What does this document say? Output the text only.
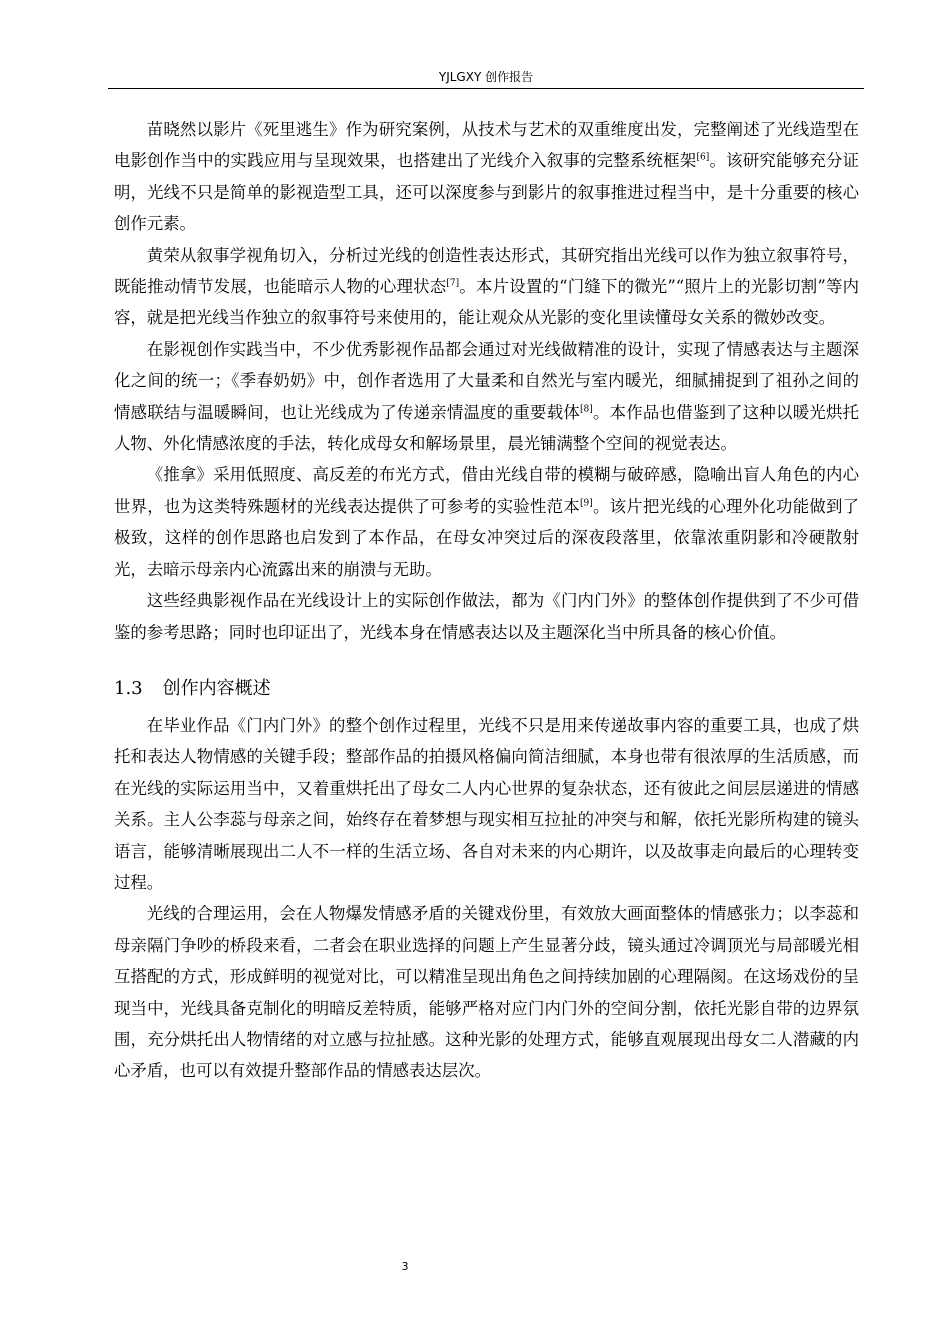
YJLGXY 创作报告

苗晓然以影片《死里逃生》作为研究案例，从技术与艺术的双重维度出发，完整阐述了光线造型在电影创作当中的实践应用与呈现效果，也搭建出了光线介入叙事的完整系统框架[6]。该研究能够充分证明，光线不只是简单的影视造型工具，还可以深度参与到影片的叙事推进过程当中，是十分重要的核心创作元素。

黄荣从叙事学视角切入，分析过光线的创造性表达形式，其研究指出光线可以作为独立叙事符号，既能推动情节发展，也能暗示人物的心理状态[7]。本片设置的“门缝下的微光”“照片上的光影切割”等内容，就是把光线当作独立的叙事符号来使用的，能让观众从光影的变化里读懂母女关系的微妙改变。

在影视创作实践当中，不少优秀影视作品都会通过对光线做精准的设计，实现了情感表达与主题深化之间的统一；《季春奶奶》中，创作者选用了大量柔和自然光与室内暖光，细腻捕捉到了祖孙之间的情感联结与温暖瞬间，也让光线成为了传递亲情温度的重要载体[8]。本作品也借鉴到了这种以暖光烘托人物、外化情感浓度的手法，转化成母女和解场景里，晨光铺满整个空间的视觉表达。

《推拿》采用低照度、高反差的布光方式，借由光线自带的模糊与破碎感，隐喻出盲人角色的内心世界，也为这类特殊题材的光线表达提供了可参考的实验性范本[9]。该片把光线的心理外化功能做到了极致，这样的创作思路也启发到了本作品，在母女冲突过后的深夜段落里，依靠浓重阴影和冷硬散射光，去暗示母亲内心流露出来的崩溃与无助。

这些经典影视作品在光线设计上的实际创作做法，都为《门内门外》的整体创作提供到了不少可借鉴的参考思路；同时也印证出了，光线本身在情感表达以及主题深化当中所具备的核心价值。

1.3 创作内容概述

在毕业作品《门内门外》的整个创作过程里，光线不只是用来传递故事内容的重要工具，也成了烘托和表达人物情感的关键手段；整部作品的拍摄风格偏向简洁细腻，本身也带有很浓厚的生活质感，而在光线的实际运用当中，又着重烘托出了母女二人内心世界的复杂状态，还有彼此之间层层递进的情感关系。主人公李蕊与母亲之间，始终存在着梦想与现实相互拉扯的冲突与和解，依托光影所构建的镜头语言，能够清晰展现出二人不一样的生活立场、各自对未来的内心期许，以及故事走向最后的心理转变过程。

光线的合理运用，会在人物爆发情感矛盾的关键戏份里，有效放大画面整体的情感张力；以李蕊和母亲隔门争吵的桥段来看，二者会在职业选择的问题上产生显著分歧，镜头通过冷调顶光与局部暖光相互搭配的方式，形成鲜明的视觉对比，可以精准呈现出角色之间持续加剧的心理隔阂。在这场戏份的呈现当中，光线具备克制化的明暗反差特质，能够严格对应门内门外的空间分割，依托光影自带的边界氛围，充分烘托出人物情绪的对立感与拉扯感。这种光影的处理方式，能够直观展现出母女二人潜藏的内心矛盾，也可以有效提升整部作品的情感表达层次。

3
